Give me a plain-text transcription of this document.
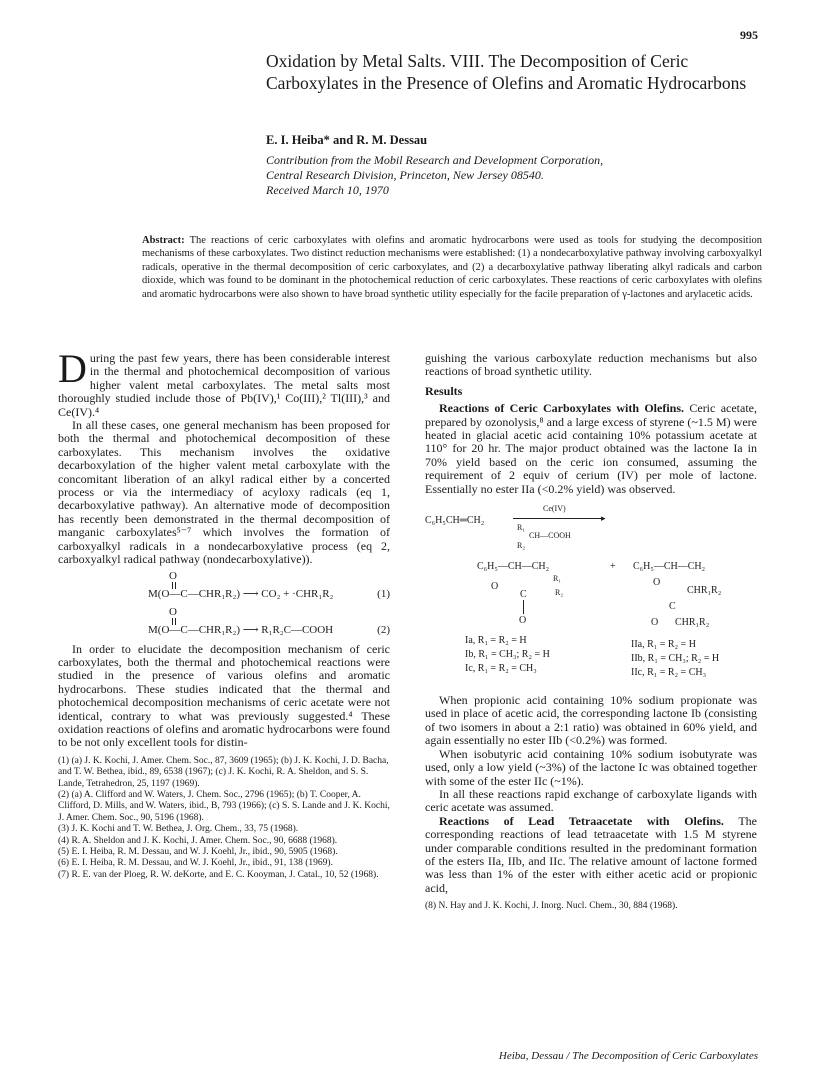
995
Oxidation by Metal Salts. VIII. The Decomposition of Ceric Carboxylates in the Presence of Olefins and Aromatic Hydrocarbons
E. I. Heiba* and R. M. Dessau
Contribution from the Mobil Research and Development Corporation,
Central Research Division, Princeton, New Jersey 08540.
Received March 10, 1970
Abstract: The reactions of ceric carboxylates with olefins and aromatic hydrocarbons were used as tools for studying the decomposition mechanisms of these carboxylates. Two distinct reduction mechanisms were established: (1) a nondecarboxylative pathway involving carboxyalkyl radicals, operative in the thermal decomposition of ceric carboxylates, and (2) a decarboxylative pathway liberating alkyl radicals and carbon dioxide, which was found to be dominant in the photochemical reduction of ceric carboxylates. These reactions of ceric carboxylates with olefins and aromatic hydrocarbons were also shown to have broad synthetic utility especially for the facile preparation of γ-lactones and arylacetic acids.

During the past few years, there has been considerable interest in the thermal and photochemical decomposition of various higher valent metal carboxylates. The metal salts most thoroughly studied include those of Pb(IV),¹ Co(III),² Tl(III),³ and Ce(IV).⁴

In all these cases, one general mechanism has been proposed for both the thermal and photochemical decomposition of these carboxylates. This mechanism involves the oxidative decarboxylation of the higher valent metal carboxylate with the concomitant liberation of an alkyl radical either by a concerted process or via the intermediacy of acyloxy radicals (eq 1, decarboxylative pathway). An alternative mode of decomposition has recently been demonstrated in the thermal decomposition of manganic carboxylates⁵⁻⁷ which involves the formation of carboxyalkyl radicals in a nondecarboxylative process (eq 2, carboxyalkyl radical pathway (nondecarboxylative)).

O
M(O—C—CHR₁R₂) ⟶ CO₂ + ·CHR₁R₂	(1)
O
M(O—C—CHR₁R₂) ⟶ R₁R₂C—COOH	(2)

In order to elucidate the decomposition mechanism of ceric carboxylates, both the thermal and photochemical reactions were studied in the presence of various olefins and aromatic hydrocarbons. These studies indicated that the thermal and photochemical decomposition mechanisms of ceric acetate were not identical, contrary to what was previously suggested.⁴ These oxidation reactions of olefins and aromatic hydrocarbons were found to be not only excellent tools for distin-

(1) (a) J. K. Kochi, J. Amer. Chem. Soc., 87, 3609 (1965); (b) J. K. Kochi, J. D. Bacha, and T. W. Bethea, ibid., 89, 6538 (1967); (c) J. K. Kochi, R. A. Sheldon, and S. S. Lande, Tetrahedron, 25, 1197 (1969).
(2) (a) A. Clifford and W. Waters, J. Chem. Soc., 2796 (1965); (b) T. Cooper, A. Clifford, D. Mills, and W. Waters, ibid., B, 793 (1966); (c) S. S. Lande and J. K. Kochi, J. Amer. Chem. Soc., 90, 5196 (1968).
(3) J. K. Kochi and T. W. Bethea, J. Org. Chem., 33, 75 (1968).
(4) R. A. Sheldon and J. K. Kochi, J. Amer. Chem. Soc., 90, 6688 (1968).
(5) E. I. Heiba, R. M. Dessau, and W. J. Koehl, Jr., ibid., 90, 5905 (1968).
(6) E. I. Heiba, R. M. Dessau, and W. J. Koehl, Jr., ibid., 91, 138 (1969).
(7) R. E. van der Ploeg, R. W. deKorte, and E. C. Kooyman, J. Catal., 10, 52 (1968).

guishing the various carboxylate reduction mechanisms but also reactions of broad synthetic utility.

Results

Reactions of Ceric Carboxylates with Olefins. Ceric acetate, prepared by ozonolysis,⁸ and a large excess of styrene (~1.5 M) were heated in glacial acetic acid containing 10% potassium acetate at 110° for 20 hr. The major product obtained was the lactone Ia in 70% yield based on the ceric ion consumed, assuming the requirement of 2 equiv of cerium (IV) per mole of lactone. Essentially no ester IIa (<0.2% yield) was observed.

C₆H₅CH═CH₂
Ce(IV)
▸
R₁
CH—COOH
R₂
C₆H₅—CH—CH₂
R₁
O
C	R₂
O
+ C₆H₅—CH—CH₂
O
CHR₁R₂
C
O CHR₁R₂
Ia, R₁ = R₂ = H
Ib, R₁ = CH₃; R₂ = H
Ic, R₁ = R₂ = CH₃
IIa, R₁ = R₂ = H
IIb, R₁ = CH₃; R₂ = H
IIc, R₁ = R₂ = CH₃

When propionic acid containing 10% sodium propionate was used in place of acetic acid, the corresponding lactone Ib (consisting of two isomers in about a 2:1 ratio) was obtained in 60% yield, and again essentially no ester IIb (<0.2%) was formed.

When isobutyric acid containing 10% sodium isobutyrate was used, only a low yield (~3%) of the lactone Ic was obtained together with some of the ester IIc (~1%).

In all these reactions rapid exchange of carboxylate ligands with ceric acetate was assumed.

Reactions of Lead Tetraacetate with Olefins. The corresponding reactions of lead tetraacetate with 1.5 M styrene under comparable conditions resulted in the predominant formation of the esters IIa, IIb, and IIc. The relative amount of lactone formed was less than 1% of the ester with either acetic acid or propionic acid,

(8) N. Hay and J. K. Kochi, J. Inorg. Nucl. Chem., 30, 884 (1968).
Heiba, Dessau / The Decomposition of Ceric Carboxylates
